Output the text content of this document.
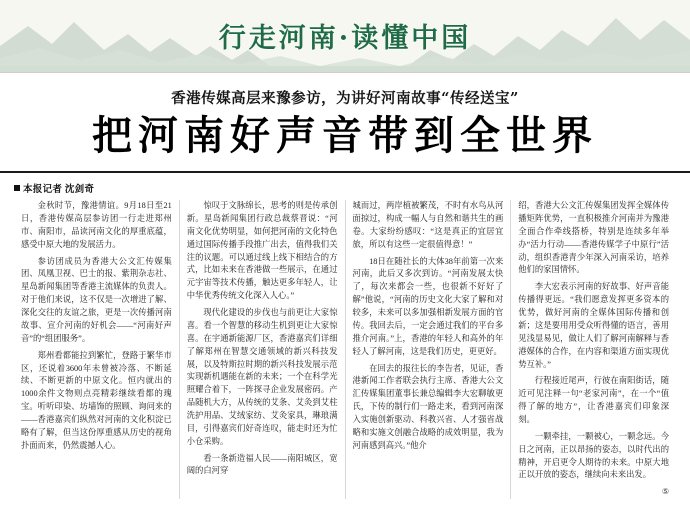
行走河南·读懂中国
香港传媒高层来豫参访，为讲好河南故事“传经送宝”
把河南好声音带到全世界
本报记者 沈剑奇

金秋时节，豫港情谊。9月18日至21日，香港传媒高层参访团一行走进郑州市、南阳市，品读河南文化的厚重底蕴，感受中原大地的发展活力。

参访团成员为香港大公文汇传媒集团、凤凰卫视、巴士的报、紫荆杂志社、星岛新闻集团等香港主流媒体的负责人。对于他们来说，这不仅是一次增进了解、深化交往的友谊之旅，更是一次传播河南故事、宣介河南的好机会——“河南好声音”的“组团服务”。

郑州看都能拉到繁忙，登路于繁华市区，还说着3600年未曾被冷落、不断延续、不断更新的中原文化。恒内就出的1000余件文物则点亮精彩继续看都的瑰宝。听听印染、坊墙饰的照顾、询问来的——香港嘉宾们纵然对河南的文化积淀已略有了解，但当这份厚重感从历史的视角扑面而来，仍然震撼人心。

惊叹于文脉绵长，思考的则是传承创新。星岛新闻集团行政总裁蔡晋说：“河南文化优势明显，如何把河南的文化特色通过国际传播手段推广出去，值得我们关注的议题。可以通过线上线下相结合的方式，比如未来在香港做一些展示，在通过元宇宙等技术传播，触达更多年轻人，让中华优秀传统文化深入人心。”

现代化建设的步伐也与前更让大家惊喜。看一个智慧的移动生机到更让大家惊喜。在宇通新能源厂区，香港嘉宾们详细了解郑州在智慧交通领域的新兴科技发展，以及特斯拉时期的新兴科技发展示范实现新机遇能在新的未来；一个在科学光照耀合着下，一阵探寻企业发展密码。产品随机大方，从传统的艾条、艾灸到艾柱洗护用品、艾绒家纺、艾灸家具，琳琅满目，引得嘉宾们好奇连叹，能走时还为忙小仓采购。

看一条新造福人民——南阳城区，宽阔的白河穿

城而过，两岸植被繁茂，不时有水鸟从河面掠过，构成一幅人与自然和谐共生的画卷。大家纷纷感叹：“这是真正的宜居宜旅，所以有这些一定很值得意！”

18日在随社长的大体38年前第一次来河南，此后又多次到访。“河南发展太快了，每次来都会一些，也很新不好好了解”他说，“河南的历史文化大家了解和对较多，未来可以多加强相新发展方面的官传。我回去后，一定会通过我们的平台多推介河南。”上，香港的年轻人和高外的年轻人了解河南，这是我们历史，更更好。

在回去的报往长的李告者，见证，香港新闻工作者联会执行主席、香港大公文汇传媒集团董事长兼总编辑李大宏聊敏更氏，下传的制行们一路走来，看到河南深入实施创新驱动、科教兴省、人才强省战略和实施文创融合战略的成效明显，我为河南感到高兴。”他介

绍，香港大公文汇传媒集团发挥全媒体传播矩阵优势，一直积极推介河南并为豫港全面合作牵线搭桥，特别是连续多年举办“活力行动——香港传媒学子中原行”活动，组织香港青少年深入河南采访，培养他们的家国情怀。

李大宏表示河南的好故事、好声音能传播得更远。“我们愿意发挥更多资本的优势，做好河南的全媒体国际传播和创新；这是要用用受众听得懂的语言，善用见浅显易见，做让人们了解河南解释与香港媒体的合作，在内容和渠道方面实现优势互补。”

行程接近尾声，行彼在南阳街话，随近可见注释一句“老家河南”，在一个“值得了解的地方”，让香港嘉宾们印象深刻。

一颗牵挂，一颗被心，一颗念远。今日之河南，正以昂扬的姿态，以时代出的精神，开启更令人期待的未来。中原大地正以开放的姿态，继续向未来出发。

⑤
